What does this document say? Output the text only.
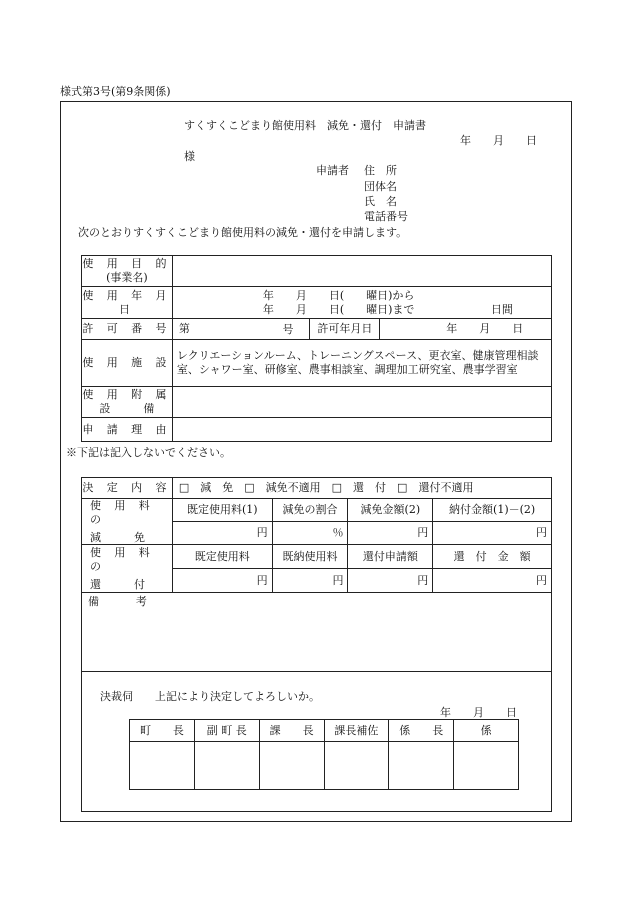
様式第3号(第9条関係)
すくすくこどまり館使用料　減免・還付　申請書
年　　月　　日
様
申請者 住　所
団体名
氏　名
電話番号
次のとおりすくすくこどまり館使用料の減免・還付を申請します。
使 用 目 的
(事業名)			

使 用 年 月 日	年　　月　　日(　　曜日)から
年　　月　　日(　　曜日)まで 日間		

許 可 番 号	第 号	許可年月日	年　　月　　日
使 用 施 設	レクリエーションルーム、トレーニングスペース、更衣室、健康管理相談室、シャワー室、研修室、農事相談室、調理加工研究室、農事学習室		

使 用 附 属
設　　　備			

申 請 理 由			
※下記は記入しないでください。
決 定 内 容	□　減　免　□　減免不適用　□　還　付　□　還付不適用			

使 用 料 の
減　　　免	既定使用料(1)	減免の割合	減免金額(2)	納付金額(1)－(2)
	円	％	円	円

使 用 料 の
還　　　付	既定使用料	既納使用料	還付申請額	還　付　金　額
	円	円	円	円
備　　考				

決裁伺　　上記により決定してよろしいか。
年　　月　　日
町　　長	副 町 長	課　　長	課長補佐	係　　長	係
